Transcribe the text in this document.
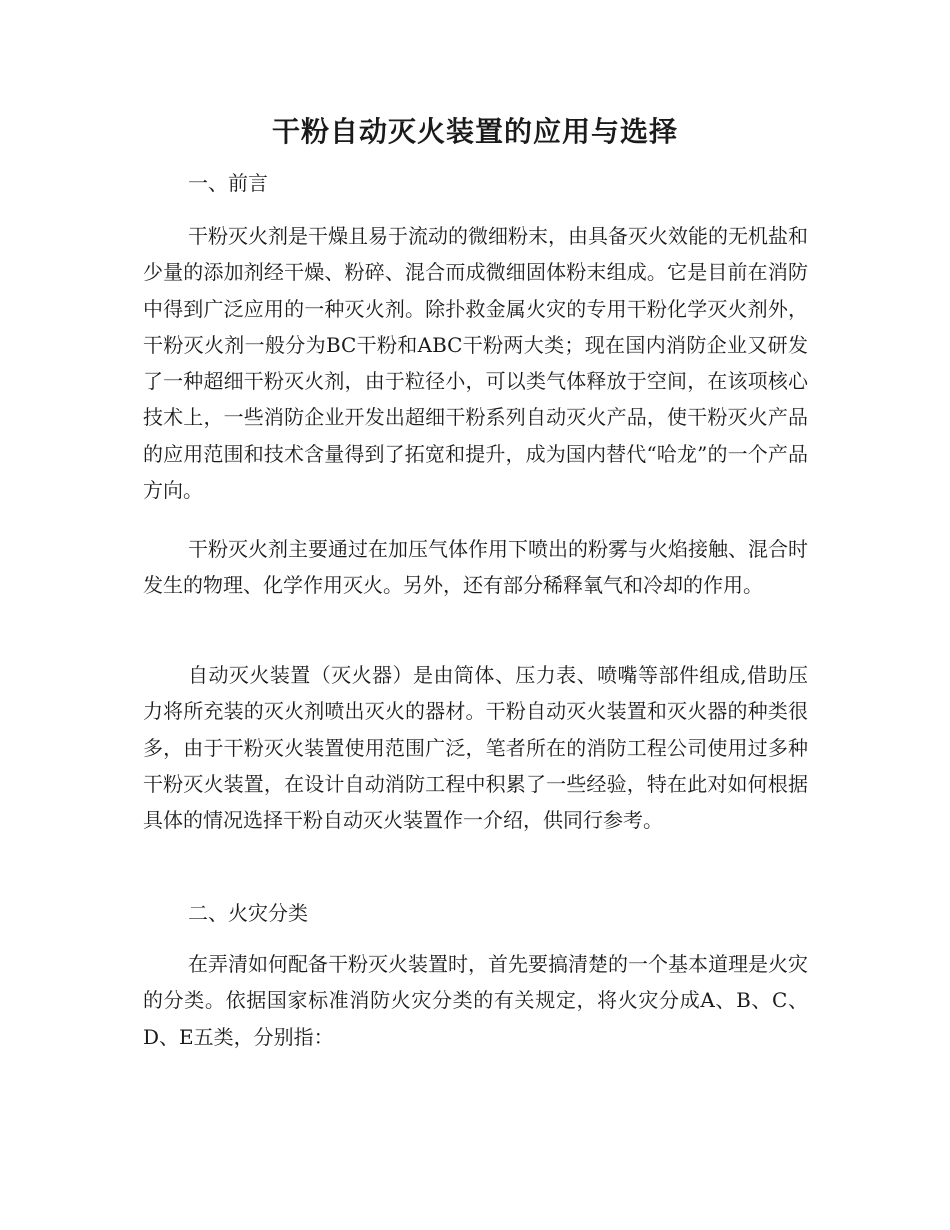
干粉自动灭火装置的应用与选择

一、前言

干粉灭火剂是干燥且易于流动的微细粉末，由具备灭火效能的无机盐和少量的添加剂经干燥、粉碎、混合而成微细固体粉末组成。它是目前在消防中得到广泛应用的一种灭火剂。除扑救金属火灾的专用干粉化学灭火剂外，干粉灭火剂一般分为BC干粉和ABC干粉两大类；现在国内消防企业又研发了一种超细干粉灭火剂，由于粒径小，可以类气体释放于空间，在该项核心技术上，一些消防企业开发出超细干粉系列自动灭火产品，使干粉灭火产品的应用范围和技术含量得到了拓宽和提升，成为国内替代“哈龙”的一个产品方向。

干粉灭火剂主要通过在加压气体作用下喷出的粉雾与火焰接触、混合时发生的物理、化学作用灭火。另外，还有部分稀释氧气和冷却的作用。

自动灭火装置（灭火器）是由筒体、压力表、喷嘴等部件组成,借助压力将所充装的灭火剂喷出灭火的器材。干粉自动灭火装置和灭火器的种类很多，由于干粉灭火装置使用范围广泛，笔者所在的消防工程公司使用过多种干粉灭火装置，在设计自动消防工程中积累了一些经验，特在此对如何根据具体的情况选择干粉自动灭火装置作一介绍，供同行参考。

二、火灾分类

在弄清如何配备干粉灭火装置时，首先要搞清楚的一个基本道理是火灾的分类。依据国家标准消防火灾分类的有关规定，将火灾分成A、B、C、D、E五类，分别指：
